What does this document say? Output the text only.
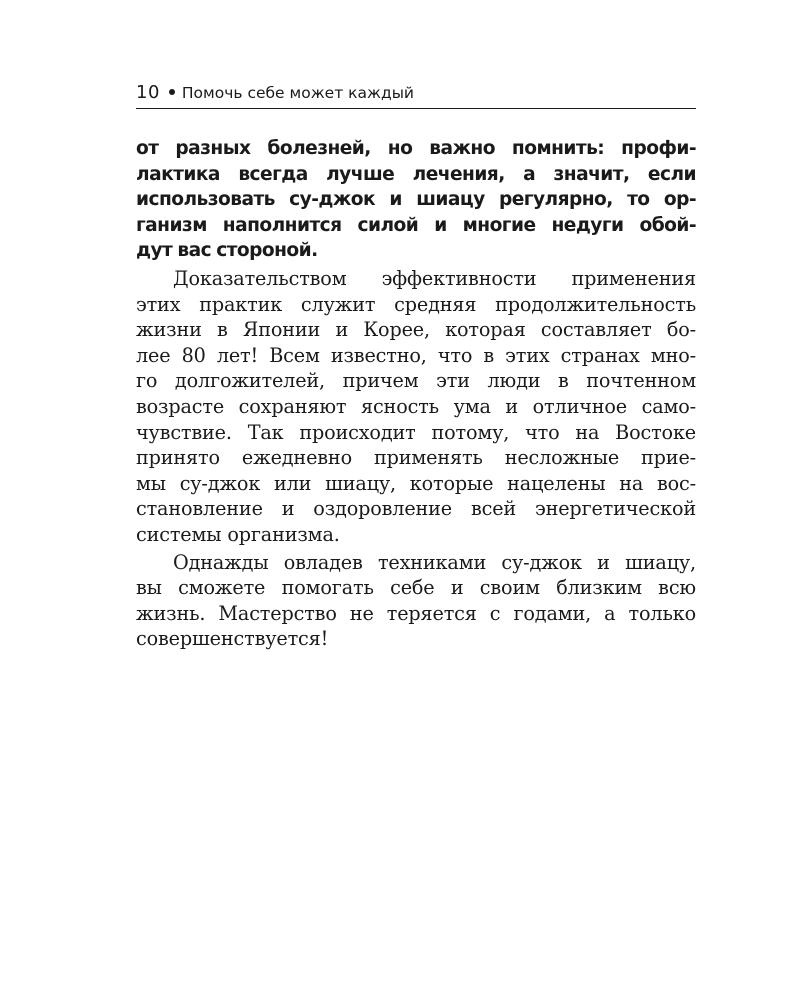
10 Помочь себе может каждый
от разных болезней, но важно помнить: профи-
лактика всегда лучше лечения, а значит, если
использовать су-джок и шиацу регулярно, то ор-
ганизм наполнится силой и многие недуги обой-
дут вас стороной.
Доказательством эффективности применения
этих практик служит средняя продолжительность
жизни в Японии и Корее, которая составляет бо-
лее 80 лет! Всем известно, что в этих странах мно-
го долгожителей, причем эти люди в почтенном
возрасте сохраняют ясность ума и отличное само-
чувствие. Так происходит потому, что на Востоке
принято ежедневно применять несложные прие-
мы су-джок или шиацу, которые нацелены на вос-
становление и оздоровление всей энергетической
системы организма.
Однажды овладев техниками су-джок и шиацу,
вы сможете помогать себе и своим близким всю
жизнь. Мастерство не теряется с годами, а только
совершенствуется!
